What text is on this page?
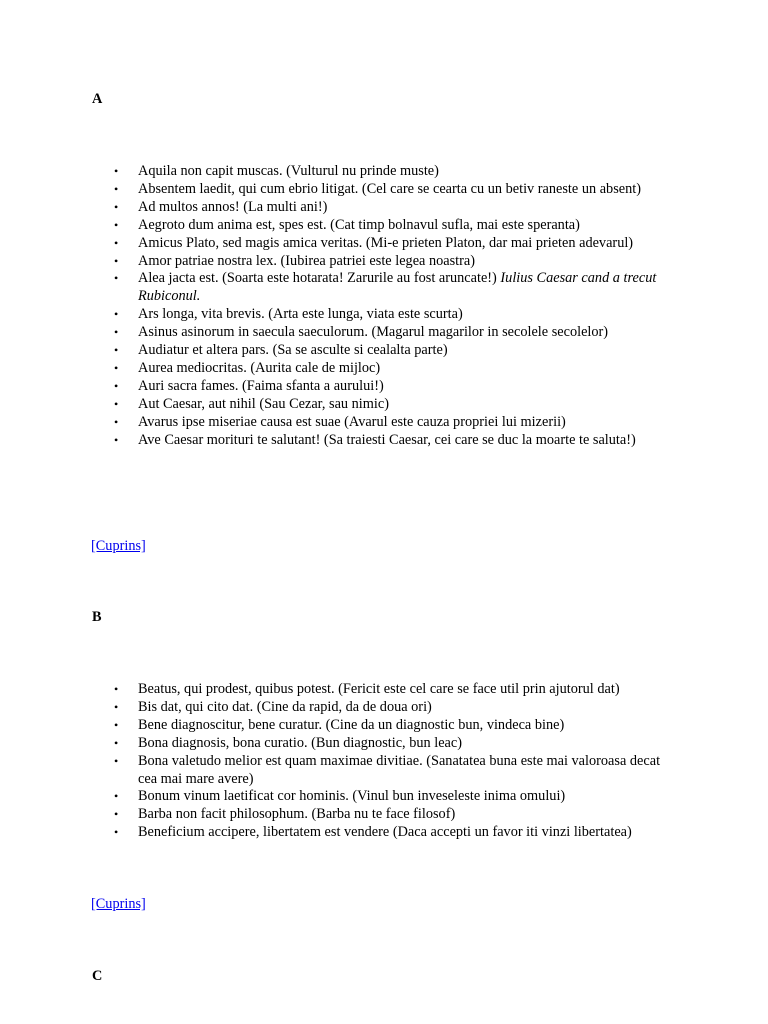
A

• Aquila non capit muscas. (Vulturul nu prinde muste)
• Absentem laedit, qui cum ebrio litigat. (Cel care se cearta cu un betiv raneste un absent)
• Ad multos annos! (La multi ani!)
• Aegroto dum anima est, spes est. (Cat timp bolnavul sufla, mai este speranta)
• Amicus Plato, sed magis amica veritas. (Mi-e prieten Platon, dar mai prieten adevarul)
• Amor patriae nostra lex. (Iubirea patriei este legea noastra)
• Alea jacta est. (Soarta este hotarata! Zarurile au fost aruncate!) Iulius Caesar cand a trecut Rubiconul.
• Ars longa, vita brevis. (Arta este lunga, viata este scurta)
• Asinus asinorum in saecula saeculorum. (Magarul magarilor in secolele secolelor)
• Audiatur et altera pars. (Sa se asculte si cealalta parte)
• Aurea mediocritas. (Aurita cale de mijloc)
• Auri sacra fames. (Faima sfanta a aurului!)
• Aut Caesar, aut nihil (Sau Cezar, sau nimic)
• Avarus ipse miseriae causa est suae (Avarul este cauza propriei lui mizerii)
• Ave Caesar morituri te salutant! (Sa traiesti Caesar, cei care se duc la moarte te saluta!)
[Cuprins]

B

• Beatus, qui prodest, quibus potest. (Fericit este cel care se face util prin ajutorul dat)
• Bis dat, qui cito dat. (Cine da rapid, da de doua ori)
• Bene diagnoscitur, bene curatur. (Cine da un diagnostic bun, vindeca bine)
• Bona diagnosis, bona curatio. (Bun diagnostic, bun leac)
• Bona valetudo melior est quam maximae divitiae. (Sanatatea buna este mai valoroasa decat cea mai mare avere)
• Bonum vinum laetificat cor hominis. (Vinul bun inveseleste inima omului)
• Barba non facit philosophum. (Barba nu te face filosof)
• Beneficium accipere, libertatem est vendere (Daca accepti un favor iti vinzi libertatea)
[Cuprins]

C
